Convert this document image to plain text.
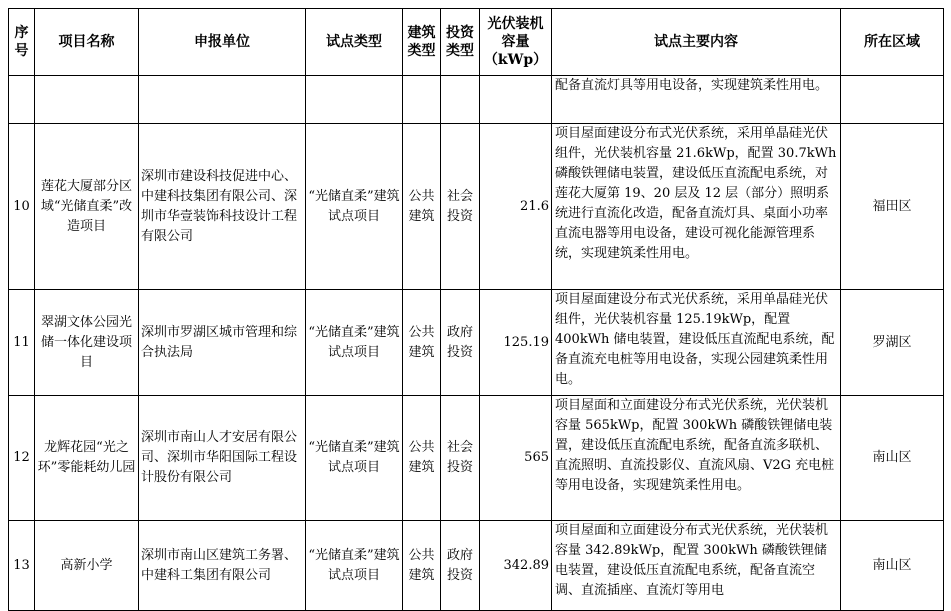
序号	项目名称	申报单位	试点类型	建筑类型	投资类型	光伏装机容量（kWp）	试点主要内容	所在区域
							配备直流灯具等用电设备，实现建筑柔性用电。	
10	莲花大厦部分区域“光储直柔”改造项目	深圳市建设科技促进中心、中建科技集团有限公司、深圳市华壹装饰科技设计工程有限公司	“光储直柔”建筑试点项目	公共建筑	社会投资	21.6	项目屋面建设分布式光伏系统，采用单晶硅光伏组件，光伏装机容量 21.6kWp，配置 30.7kWh 磷酸铁锂储电装置，建设低压直流配电系统，对莲花大厦第 19、20 层及 12 层（部分）照明系统进行直流化改造，配备直流灯具、桌面小功率直流电器等用电设备，建设可视化能源管理系统，实现建筑柔性用电。	福田区
11	翠湖文体公园光储一体化建设项目	深圳市罗湖区城市管理和综合执法局	“光储直柔”建筑试点项目	公共建筑	政府投资	125.19	项目屋面建设分布式光伏系统，采用单晶硅光伏组件，光伏装机容量 125.19kWp，配置 400kWh 储电装置，建设低压直流配电系统，配备直流充电桩等用电设备，实现公园建筑柔性用电。	罗湖区
12	龙辉花园“光之环”零能耗幼儿园	深圳市南山人才安居有限公司、深圳市华阳国际工程设计股份有限公司	“光储直柔”建筑试点项目	公共建筑	社会投资	565	项目屋面和立面建设分布式光伏系统，光伏装机容量 565kWp，配置 300kWh 磷酸铁锂储电装置，建设低压直流配电系统，配备直流多联机、直流照明、直流投影仪、直流风扇、V2G 充电桩等用电设备，实现建筑柔性用电。	南山区
13	高新小学	深圳市南山区建筑工务署、中建科工集团有限公司	“光储直柔”建筑试点项目	公共建筑	政府投资	342.89	项目屋面和立面建设分布式光伏系统，光伏装机容量 342.89kWp，配置 300kWh 磷酸铁锂储电装置，建设低压直流配电系统，配备直流空调、直流插座、直流灯等用电	南山区
